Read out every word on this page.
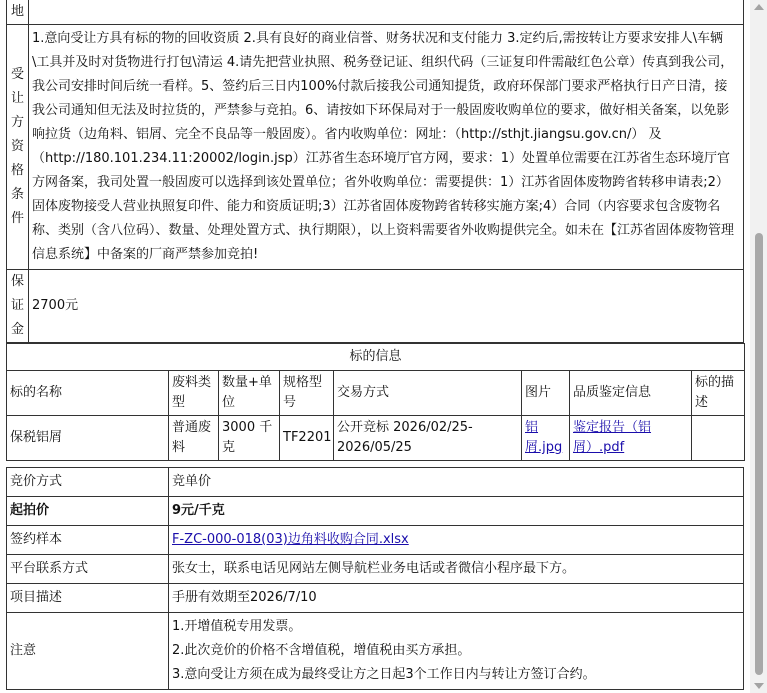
地	
受让方资格条件	1.意向受让方具有标的物的回收资质 2.具有良好的商业信誉、财务状况和支付能力 3.定约后,需按转让方要求安排人\车辆\工具并及时对货物进行打包\清运 4.请先把营业执照、税务登记证、组织代码（三证复印件需敲红色公章）传真到我公司，我公司安排时间后统一看样。5、签约后三日内100%付款后接我公司通知提货，政府环保部门要求严格执行日产日清，接我公司通知但无法及时拉货的，严禁参与竞拍。6、请按如下环保局对于一般固废收购单位的要求，做好相关备案，以免影响拉货（边角料、铝屑、完全不良品等一般固废）。省内收购单位：网址：（http://sthjt.jiangsu.gov.cn/） 及（http://180.101.234.11:20002/login.jsp）江苏省生态环境厅官方网，要求：1）处置单位需要在江苏省生态环境厅官方网备案，我司处置一般固废可以选择到该处置单位；省外收购单位：需要提供：1）江苏省固体废物跨省转移申请表;2）固体废物接受人营业执照复印件、能力和资质证明;3）江苏省固体废物跨省转移实施方案;4）合同（内容要求包含废物名称、类别（含八位码）、数量、处理处置方式、执行期限），以上资料需要省外收购提供完全。如未在【江苏省固体废物管理信息系统】中备案的厂商严禁参加竞拍!
保证金	2700元
标的信息							
标的名称	废料类型	数量+单位	规格型号	交易方式	图片	品质鉴定信息	标的描述
保税铝屑	普通废料	3000 千克	TF2201	公开竞标 2026/02/25-2026/05/25	铝屑.jpg	鉴定报告（铝屑）.pdf	
竞价方式	竞单价
起拍价	9元/千克
签约样本	F-ZC-000-018(03)边角料收购合同.xlsx
平台联系方式	张女士，联系电话见网站左侧导航栏业务电话或者微信小程序最下方。
项目描述	手册有效期至2026/7/10
注意	1.开增值税专用发票。
2.此次竞价的价格不含增值税，增值税由买方承担。
3.意向受让方须在成为最终受让方之日起3个工作日内与转让方签订合约。
